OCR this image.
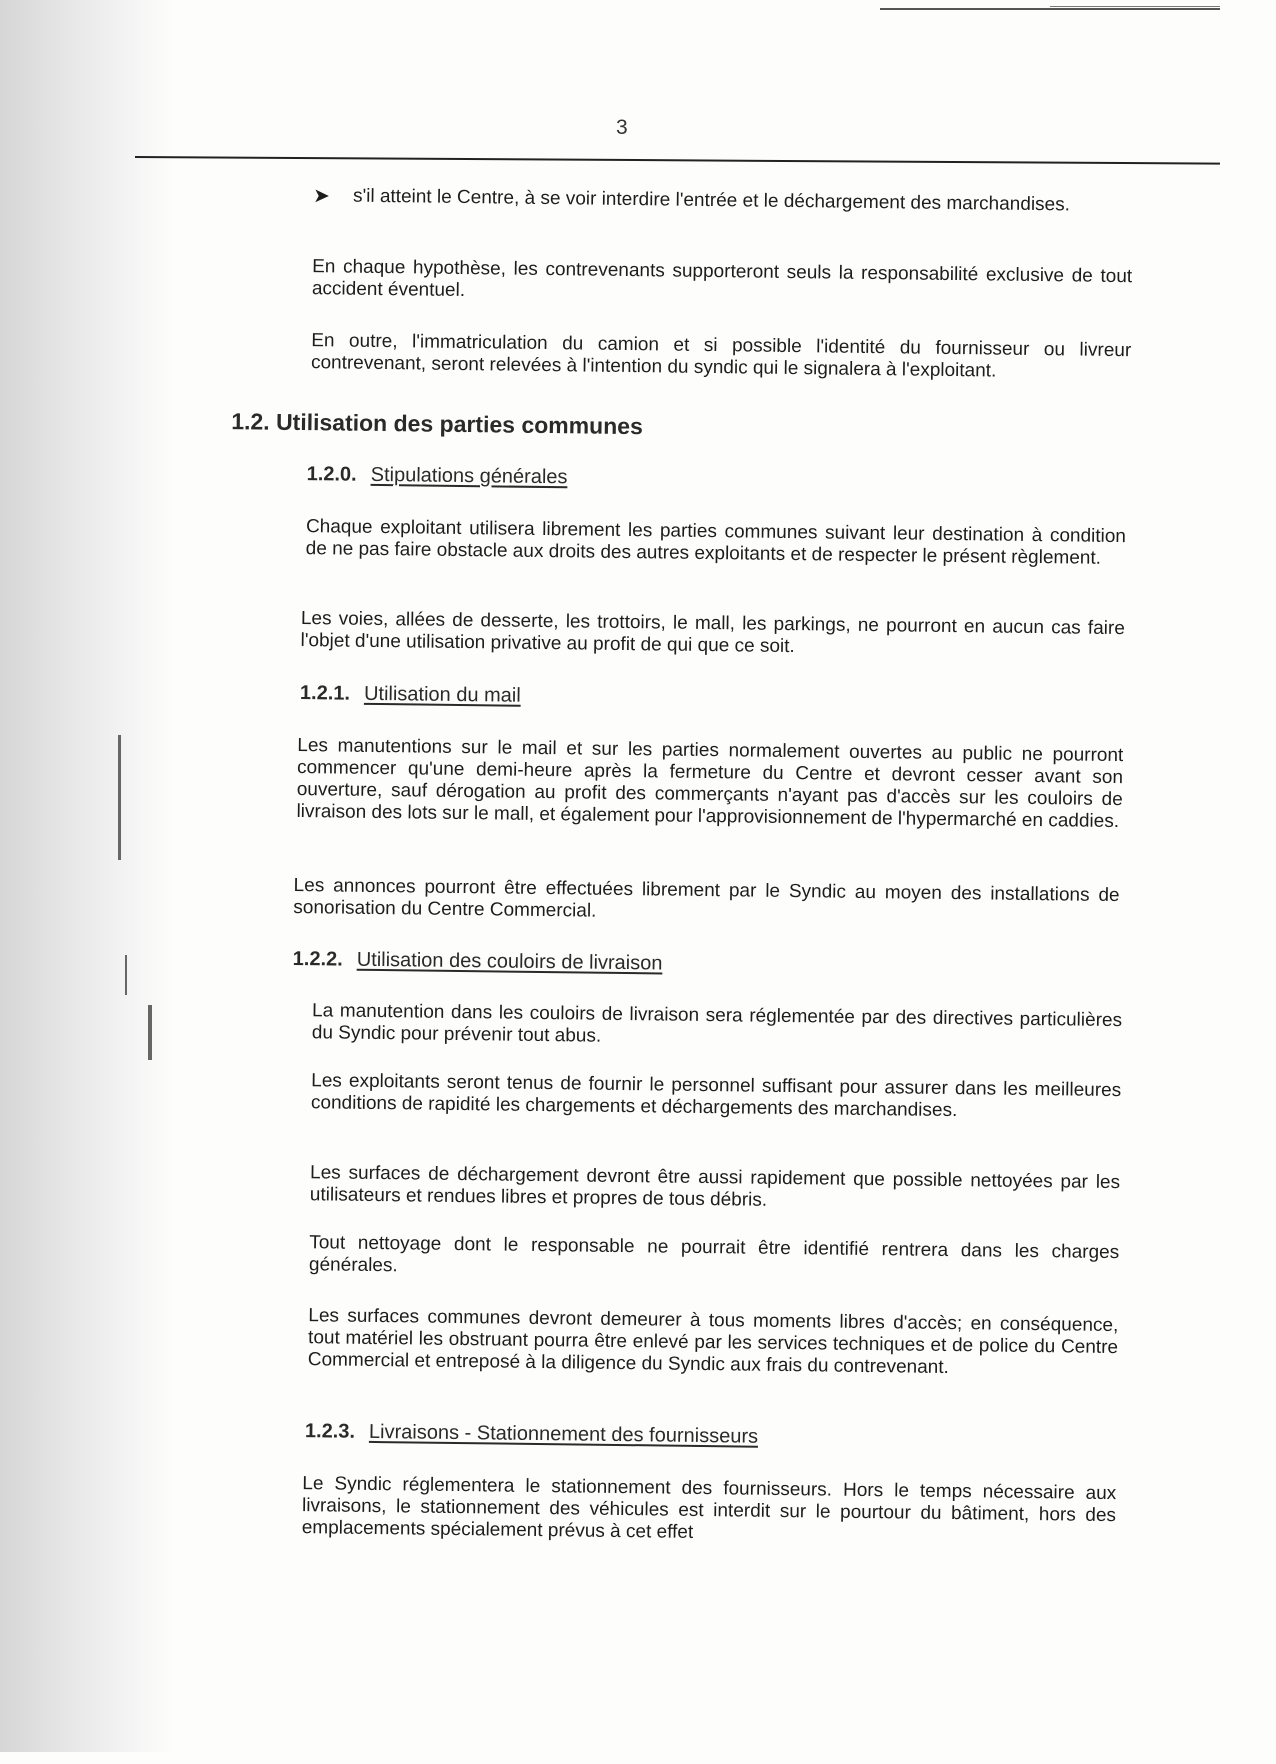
3
➤	s'il atteint le Centre, à se voir interdire l'entrée et le déchargement des marchandises.
En chaque hypothèse, les contrevenants supporteront seuls la responsabilité exclusive de tout accident éventuel.
En outre, l'immatriculation du camion et si possible l'identité du fournisseur ou livreur contrevenant, seront relevées à l'intention du syndic qui le signalera à l'exploitant.
1.2. Utilisation des parties communes
1.2.0. Stipulations générales
Chaque exploitant utilisera librement les parties communes suivant leur destination à condition de ne pas faire obstacle aux droits des autres exploitants et de respecter le présent règlement.
Les voies, allées de desserte, les trottoirs, le mall, les parkings, ne pourront en aucun cas faire l'objet d'une utilisation privative au profit de qui que ce soit.
1.2.1. Utilisation du mail
Les manutentions sur le mail et sur les parties normalement ouvertes au public ne pourront commencer qu'une demi-heure après la fermeture du Centre et devront cesser avant son ouverture, sauf dérogation au profit des commerçants n'ayant pas d'accès sur les couloirs de livraison des lots sur le mall, et également pour l'approvisionnement de l'hypermarché en caddies.
Les annonces pourront être effectuées librement par le Syndic au moyen des installations de sonorisation du Centre Commercial.
1.2.2. Utilisation des couloirs de livraison
La manutention dans les couloirs de livraison sera réglementée par des directives particulières du Syndic pour prévenir tout abus.
Les exploitants seront tenus de fournir le personnel suffisant pour assurer dans les meilleures conditions de rapidité les chargements et déchargements des marchandises.
Les surfaces de déchargement devront être aussi rapidement que possible nettoyées par les utilisateurs et rendues libres et propres de tous débris.
Tout nettoyage dont le responsable ne pourrait être identifié rentrera dans les charges générales.
Les surfaces communes devront demeurer à tous moments libres d'accès; en conséquence, tout matériel les obstruant pourra être enlevé par les services techniques et de police du Centre Commercial et entreposé à la diligence du Syndic aux frais du contrevenant.
1.2.3. Livraisons - Stationnement des fournisseurs
Le Syndic réglementera le stationnement des fournisseurs. Hors le temps nécessaire aux livraisons, le stationnement des véhicules est interdit sur le pourtour du bâtiment, hors des emplacements spécialement prévus à cet effet
